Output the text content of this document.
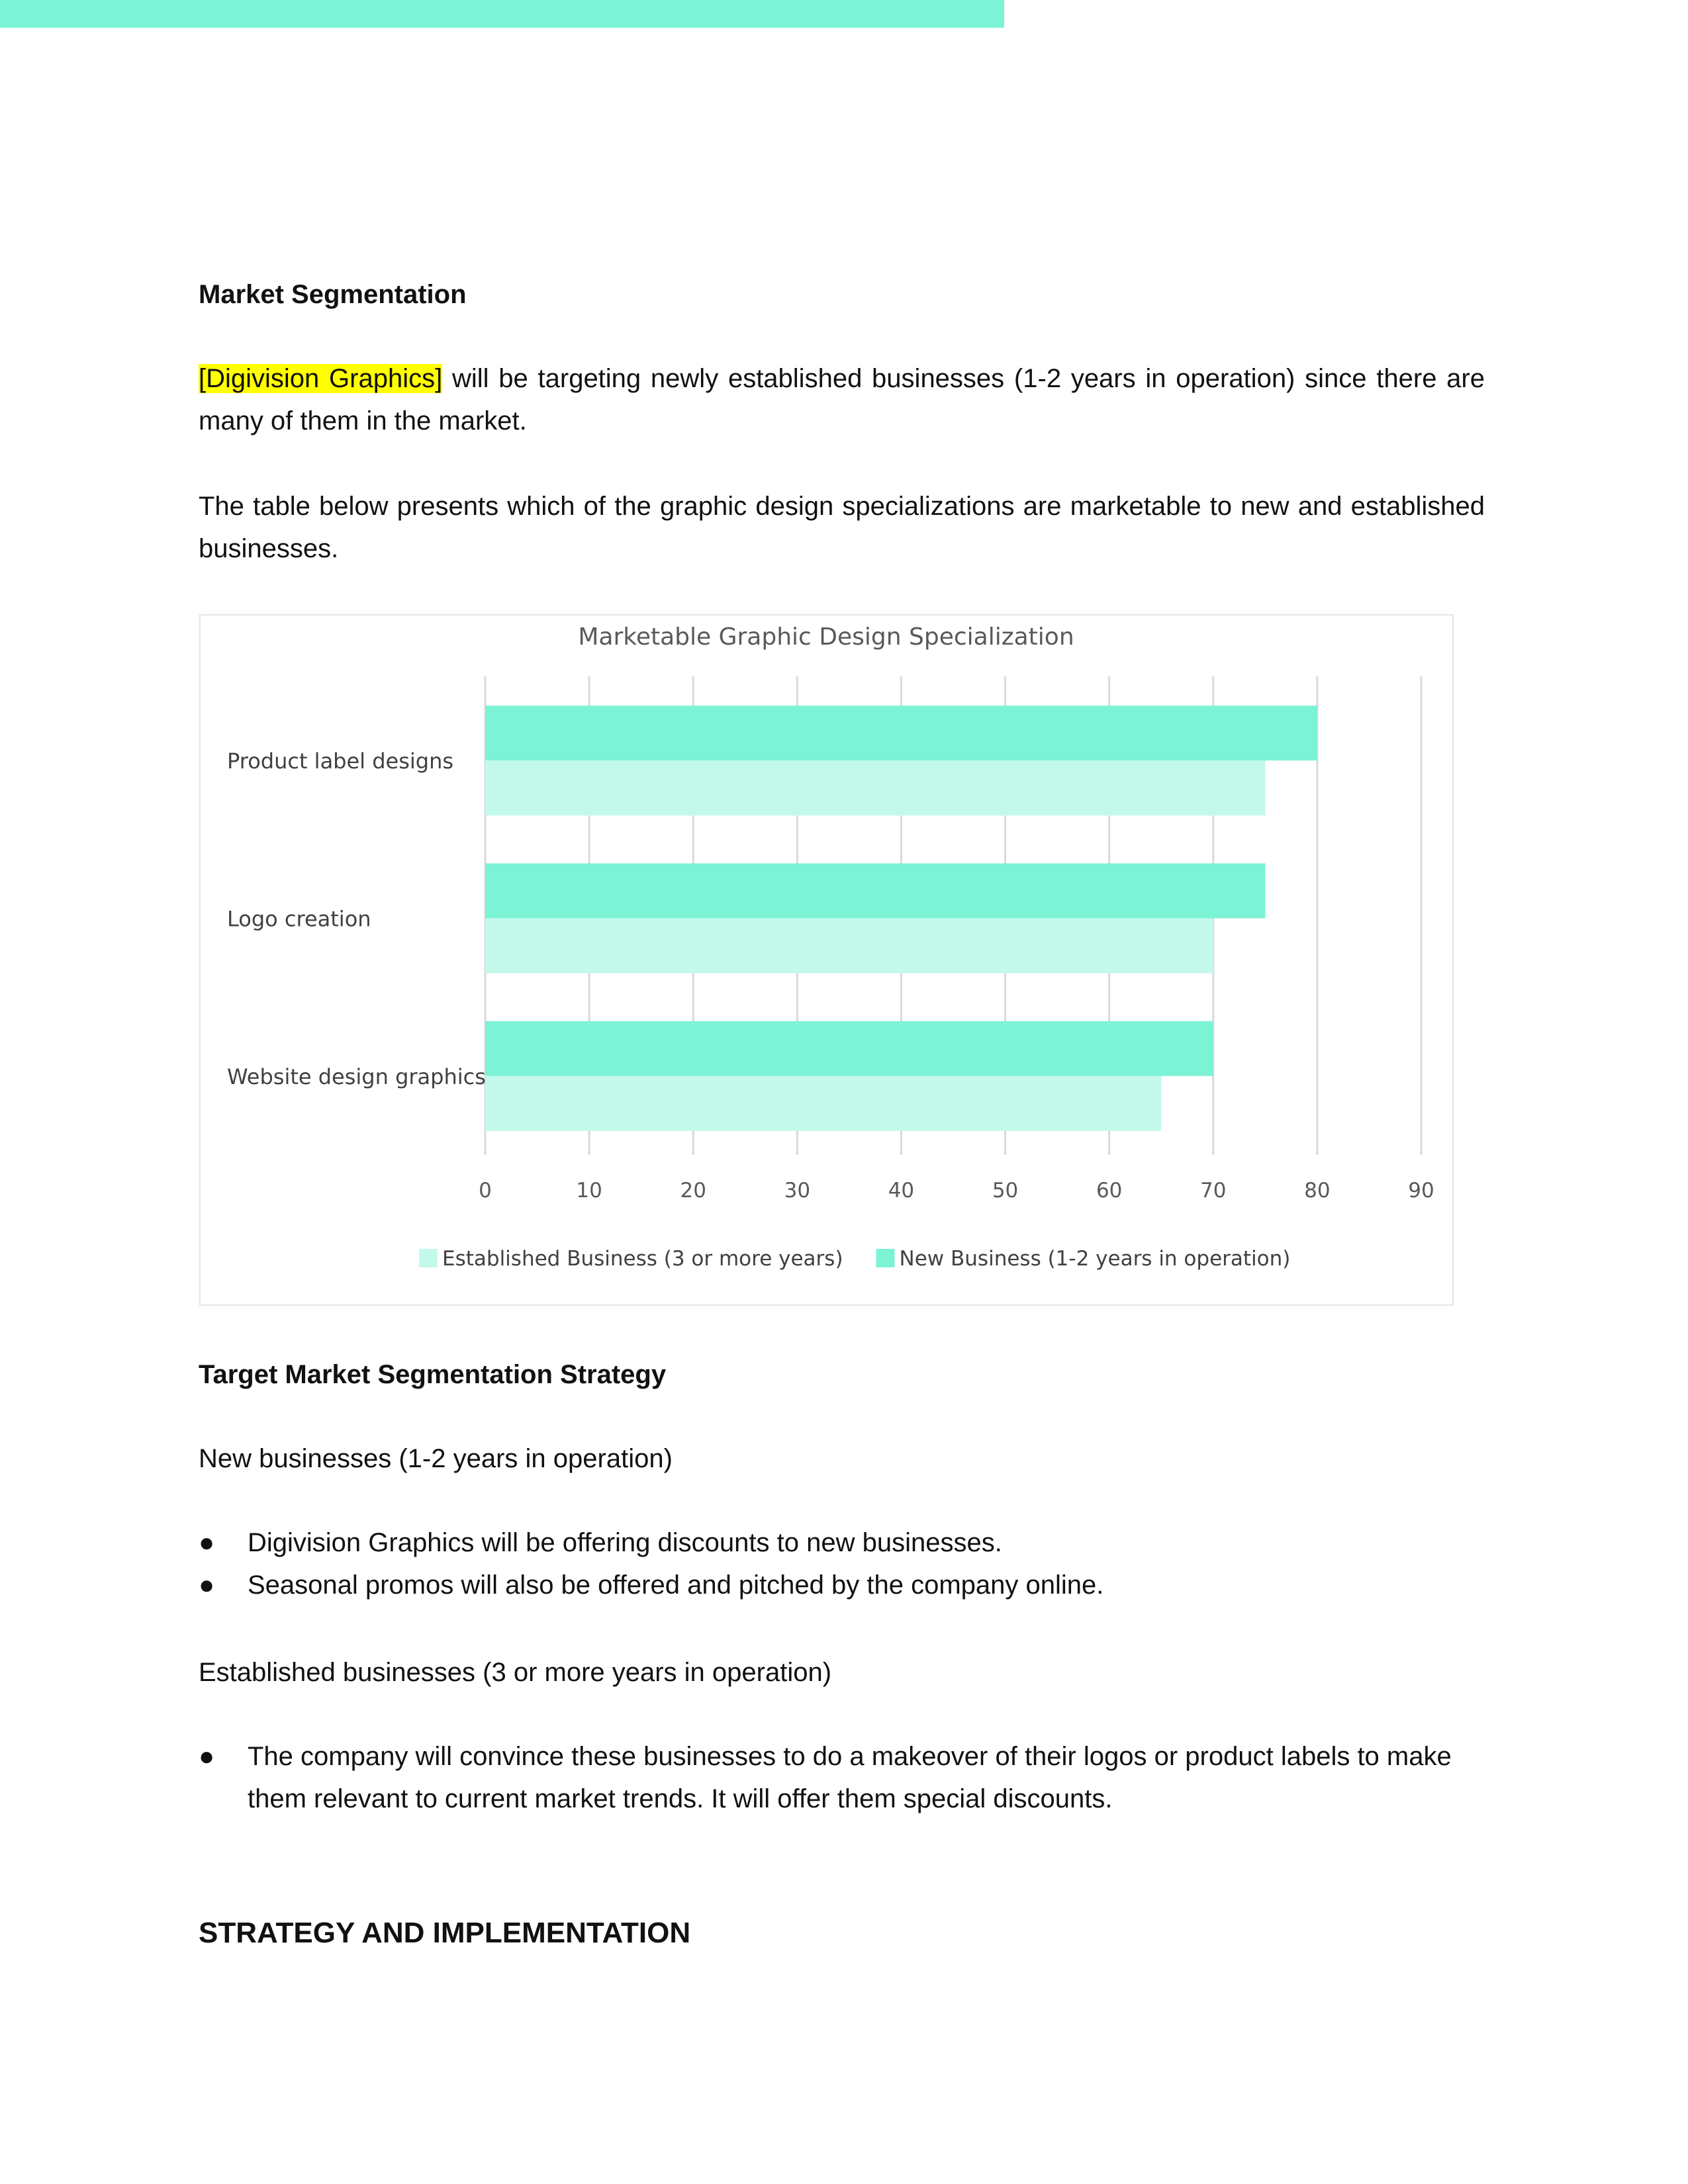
Market Segmentation

[Digivision Graphics] will be targeting newly established businesses (1-2 years in operation) since there are many of them in the market.

The table below presents which of the graphic design specializations are marketable to new and established businesses.

Marketable Graphic Design Specialization
0	10	20	30	40	50	60	70	80	90
Product label designs
Logo creation
Website design graphics
Established Business (3 or more years)	New Business (1-2 years in operation)
Target Market Segmentation Strategy

New businesses (1-2 years in operation)

● Digivision Graphics will be offering discounts to new businesses.
● Seasonal promos will also be offered and pitched by the company online.

Established businesses (3 or more years in operation)

● The company will convince these businesses to do a makeover of their logos or product labels to make them relevant to current market trends. It will offer them special discounts.
STRATEGY AND IMPLEMENTATION
